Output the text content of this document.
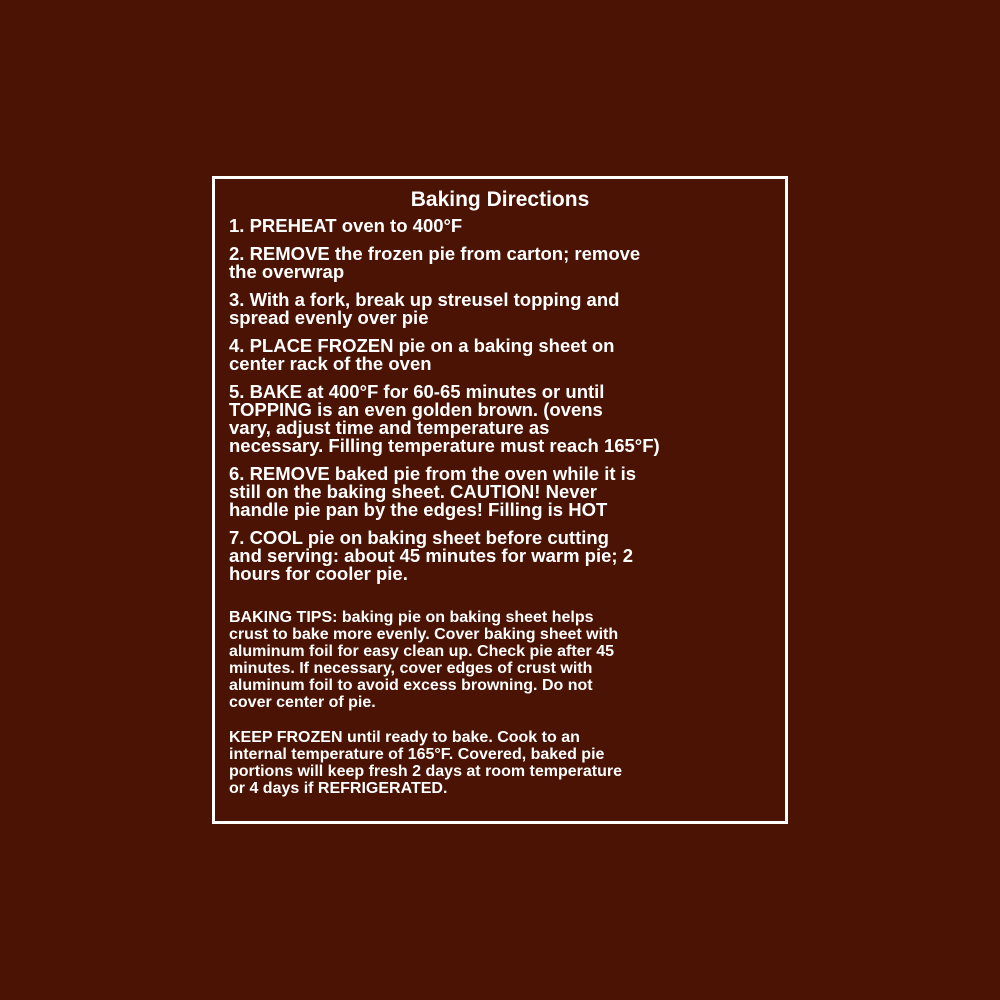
Baking Directions
1. PREHEAT oven to 400°F
2. REMOVE the frozen pie from carton; remove
the overwrap
3. With a fork, break up streusel topping and
spread evenly over pie
4. PLACE FROZEN pie on a baking sheet on
center rack of the oven
5. BAKE at 400°F for 60-65 minutes or until
TOPPING is an even golden brown. (ovens
vary, adjust time and temperature as
necessary. Filling temperature must reach 165°F)
6. REMOVE baked pie from the oven while it is
still on the baking sheet. CAUTION! Never
handle pie pan by the edges! Filling is HOT
7. COOL pie on baking sheet before cutting
and serving: about 45 minutes for warm pie; 2
hours for cooler pie.
BAKING TIPS: baking pie on baking sheet helps
crust to bake more evenly. Cover baking sheet with
aluminum foil for easy clean up. Check pie after 45
minutes. If necessary, cover edges of crust with
aluminum foil to avoid excess browning. Do not
cover center of pie.
KEEP FROZEN until ready to bake. Cook to an
internal temperature of 165°F. Covered, baked pie
portions will keep fresh 2 days at room temperature
or 4 days if REFRIGERATED.
